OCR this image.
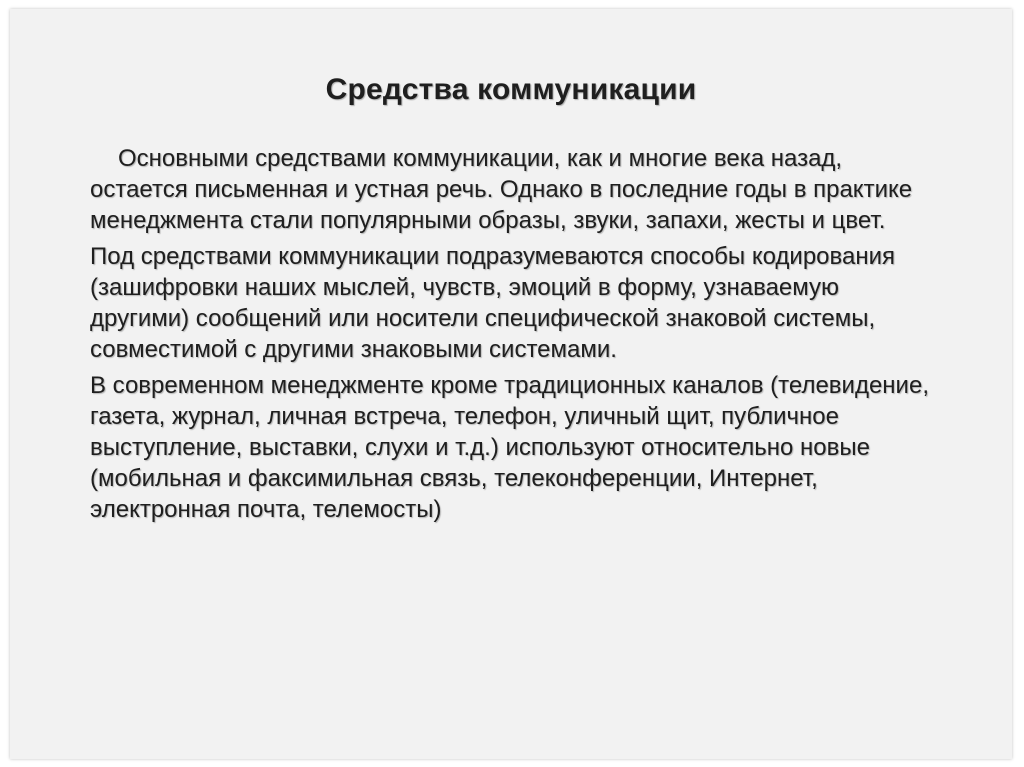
Средства коммуникации

Основными средствами коммуникации, как и многие века назад, остается письменная и устная речь. Однако в последние годы в практике менеджмента стали популярными образы, звуки, запахи, жесты и цвет.

Под средствами коммуникации подразумеваются способы кодирования (зашифровки наших мыслей, чувств, эмоций в форму, узнаваемую другими) сообщений или носители специфической знаковой системы, совместимой с другими знаковыми системами.

В современном менеджменте кроме традиционных каналов (телевидение, газета, журнал, личная встреча, телефон, уличный щит, публичное выступление, выставки, слухи и т.д.) используют относительно новые (мобильная и факсимильная связь, телеконференции, Интернет, электронная почта, телемосты)
